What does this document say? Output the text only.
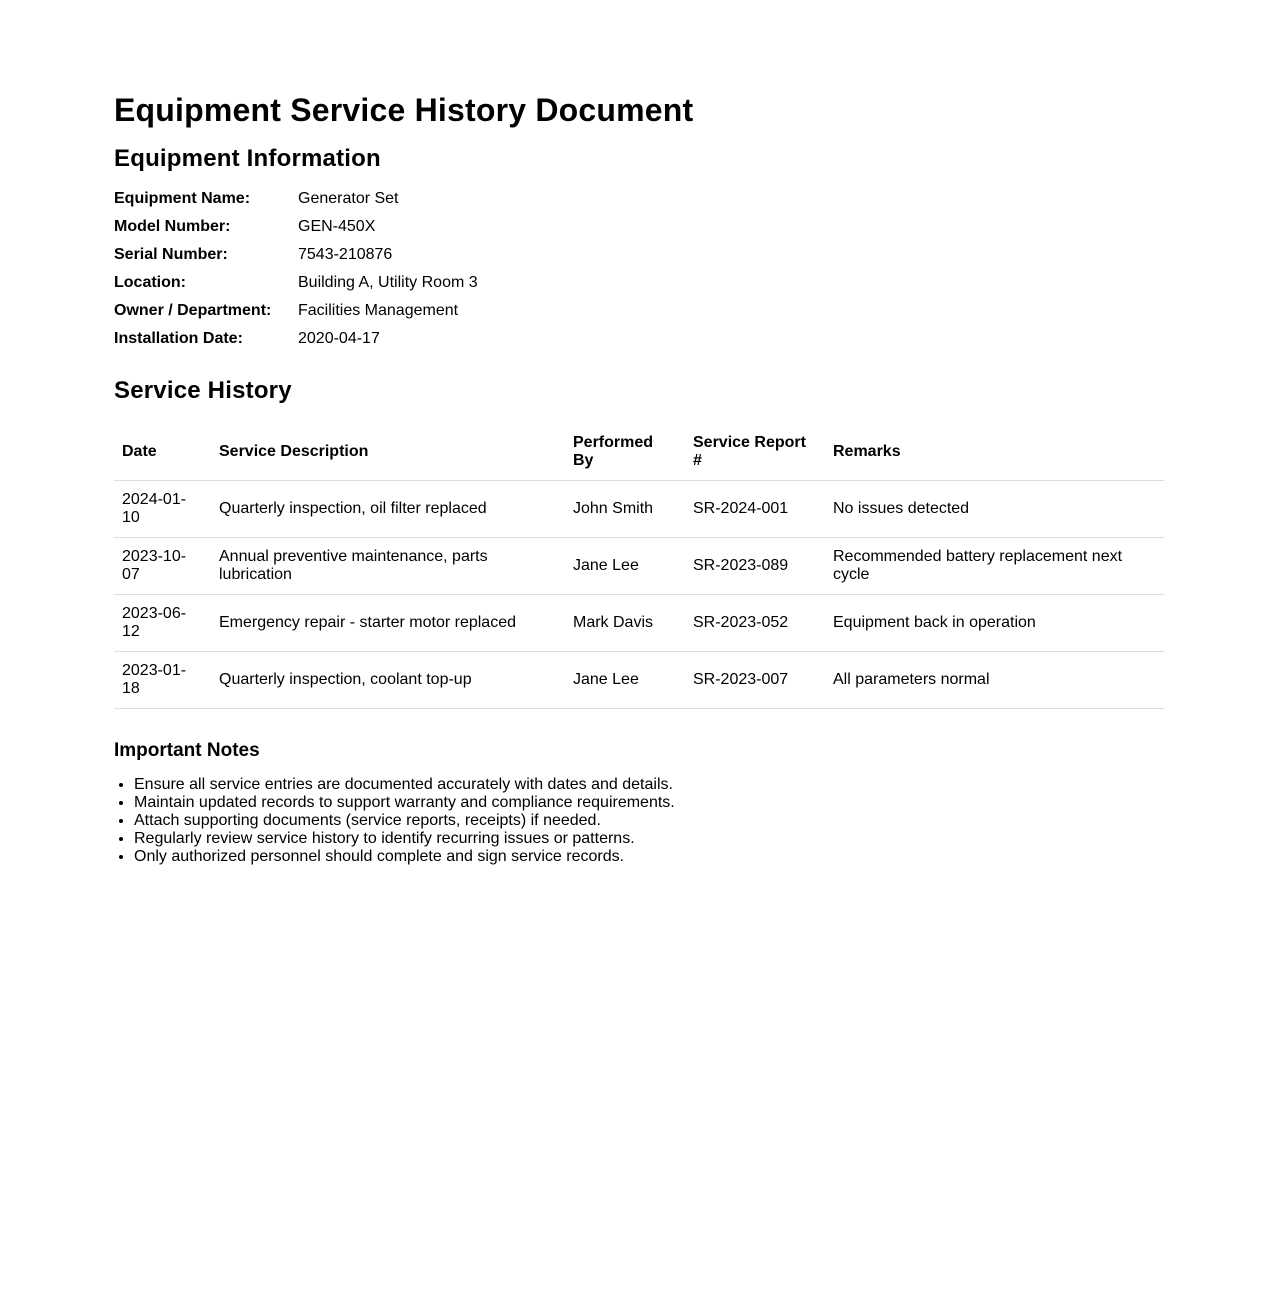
Equipment Service History Document
Equipment Information
Equipment Name:	Generator Set
Model Number:	GEN-450X
Serial Number:	7543-210876
Location:	Building A, Utility Room 3
Owner / Department:	Facilities Management
Installation Date:	2020-04-17
Service History
Date	Service Description	Performed By	Service Report #	Remarks
2024-01-10	Quarterly inspection, oil filter replaced	John Smith	SR-2024-001	No issues detected
2023-10-07	Annual preventive maintenance, parts lubrication	Jane Lee	SR-2023-089	Recommended battery replacement next cycle
2023-06-12	Emergency repair - starter motor replaced	Mark Davis	SR-2023-052	Equipment back in operation
2023-01-18	Quarterly inspection, coolant top-up	Jane Lee	SR-2023-007	All parameters normal
Important Notes
• Ensure all service entries are documented accurately with dates and details.
• Maintain updated records to support warranty and compliance requirements.
• Attach supporting documents (service reports, receipts) if needed.
• Regularly review service history to identify recurring issues or patterns.
• Only authorized personnel should complete and sign service records.
